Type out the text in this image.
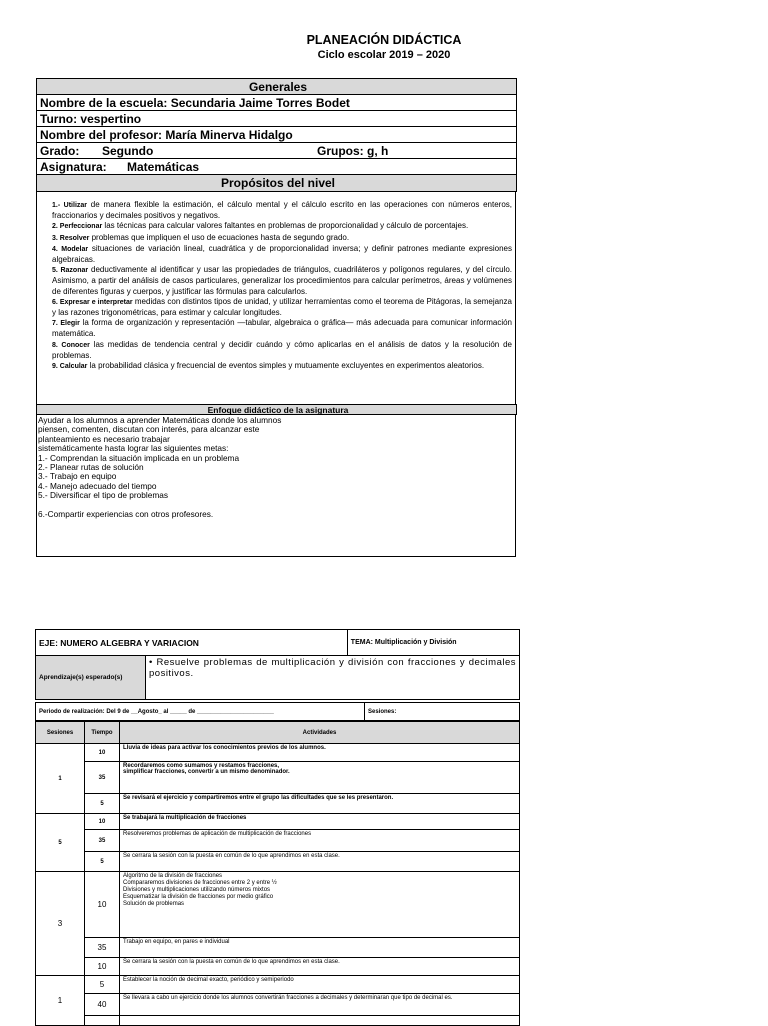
PLANEACIÓN DIDÁCTICA
Ciclo escolar 2019 – 2020
Generales
Nombre de la escuela: Secundaria Jaime Torres Bodet
Turno: vespertino
Nombre del profesor: María Minerva Hidalgo
Grado: Segundo	Grupos: g, h
Asignatura: Matemáticas
Propósitos del nivel

1.- Utilizar de manera flexible la estimación, el cálculo mental y el cálculo escrito en las operaciones con números enteros, fraccionarios y decimales positivos y negativos.

2. Perfeccionar las técnicas para calcular valores faltantes en problemas de proporcionalidad y cálculo de porcentajes.

3. Resolver problemas que impliquen el uso de ecuaciones hasta de segundo grado.

4. Modelar situaciones de variación lineal, cuadrática y de proporcionalidad inversa; y definir patrones mediante expresiones algebraicas.

5. Razonar deductivamente al identificar y usar las propiedades de triángulos, cuadriláteros y polígonos regulares, y del círculo. Asimismo, a partir del análisis de casos particulares, generalizar los procedimientos para calcular perímetros, áreas y volúmenes de diferentes figuras y cuerpos, y justificar las fórmulas para calcularlos.

6. Expresar e interpretar medidas con distintos tipos de unidad, y utilizar herramientas como el teorema de Pitágoras, la semejanza y las razones trigonométricas, para estimar y calcular longitudes.

7. Elegir la forma de organización y representación —tabular, algebraica o gráfica— más adecuada para comunicar información matemática.

8. Conocer las medidas de tendencia central y decidir cuándo y cómo aplicarlas en el análisis de datos y la resolución de problemas.

9. Calcular la probabilidad clásica y frecuencial de eventos simples y mutuamente excluyentes en experimentos aleatorios.

Enfoque didáctico de la asignatura
Ayudar a los alumnos a aprender Matemáticas donde los alumnos
piensen, comenten, discutan con interés, para alcanzar este
planteamiento es necesario trabajar
sistemáticamente hasta lograr las siguientes metas:
1.- Comprendan la situación implicada en un problema
2.- Planear rutas de solución
3.- Trabajo en equipo
4.- Manejo adecuado del tiempo
5.- Diversificar el tipo de problemas
6.-Compartir experiencias con otros profesores.
EJE: NUMERO ALGEBRA Y VARIACION		TEMA: Multiplicación y División
Aprendizaje(s) esperado(s)	• Resuelve problemas de multiplicación y división con fracciones y decimales positivos.	
Periodo de realización: Del 9 de __Agosto_ al _____ de _______________________	Sesiones:
Sesiones	Tiempo	Actividades
1	10	Lluvia de ideas para activar los conocimientos previos de los alumnos.
	35	Recordaremos como sumamos y restamos fracciones, simplificar fracciones, convertir a un mismo denominador.

	5	Se revisará el ejercicio y compartiremos entre el grupo las dificultades que se les presentaron.
5	10	Se trabajará la multiplicación de fracciones
	35	Resolveremos problemas de aplicación de multiplicación de fracciones
	5	Se cerrara la sesión con la puesta en común de lo que aprendimos en esta clase.
3	10	Algoritmo de la división de fracciones
Compararemos divisiones de fracciones entre 2 y entre ½
Divisiones y multiplicaciones utilizando números mixtos
Esquematizar la división de fracciones por medio gráfico
Solución de problemas
	35	Trabajo en equipo, en pares e individual
	10	Se cerrara la sesión con la puesta en común de lo que aprendimos en esta clase.
1	5	Establecer la noción de decimal exacto, periódico y semiperiodo
	40	Se llevara a cabo un ejercicio donde los alumnos convertirán fracciones a decimales y determinaran que tipo de decimal es.
